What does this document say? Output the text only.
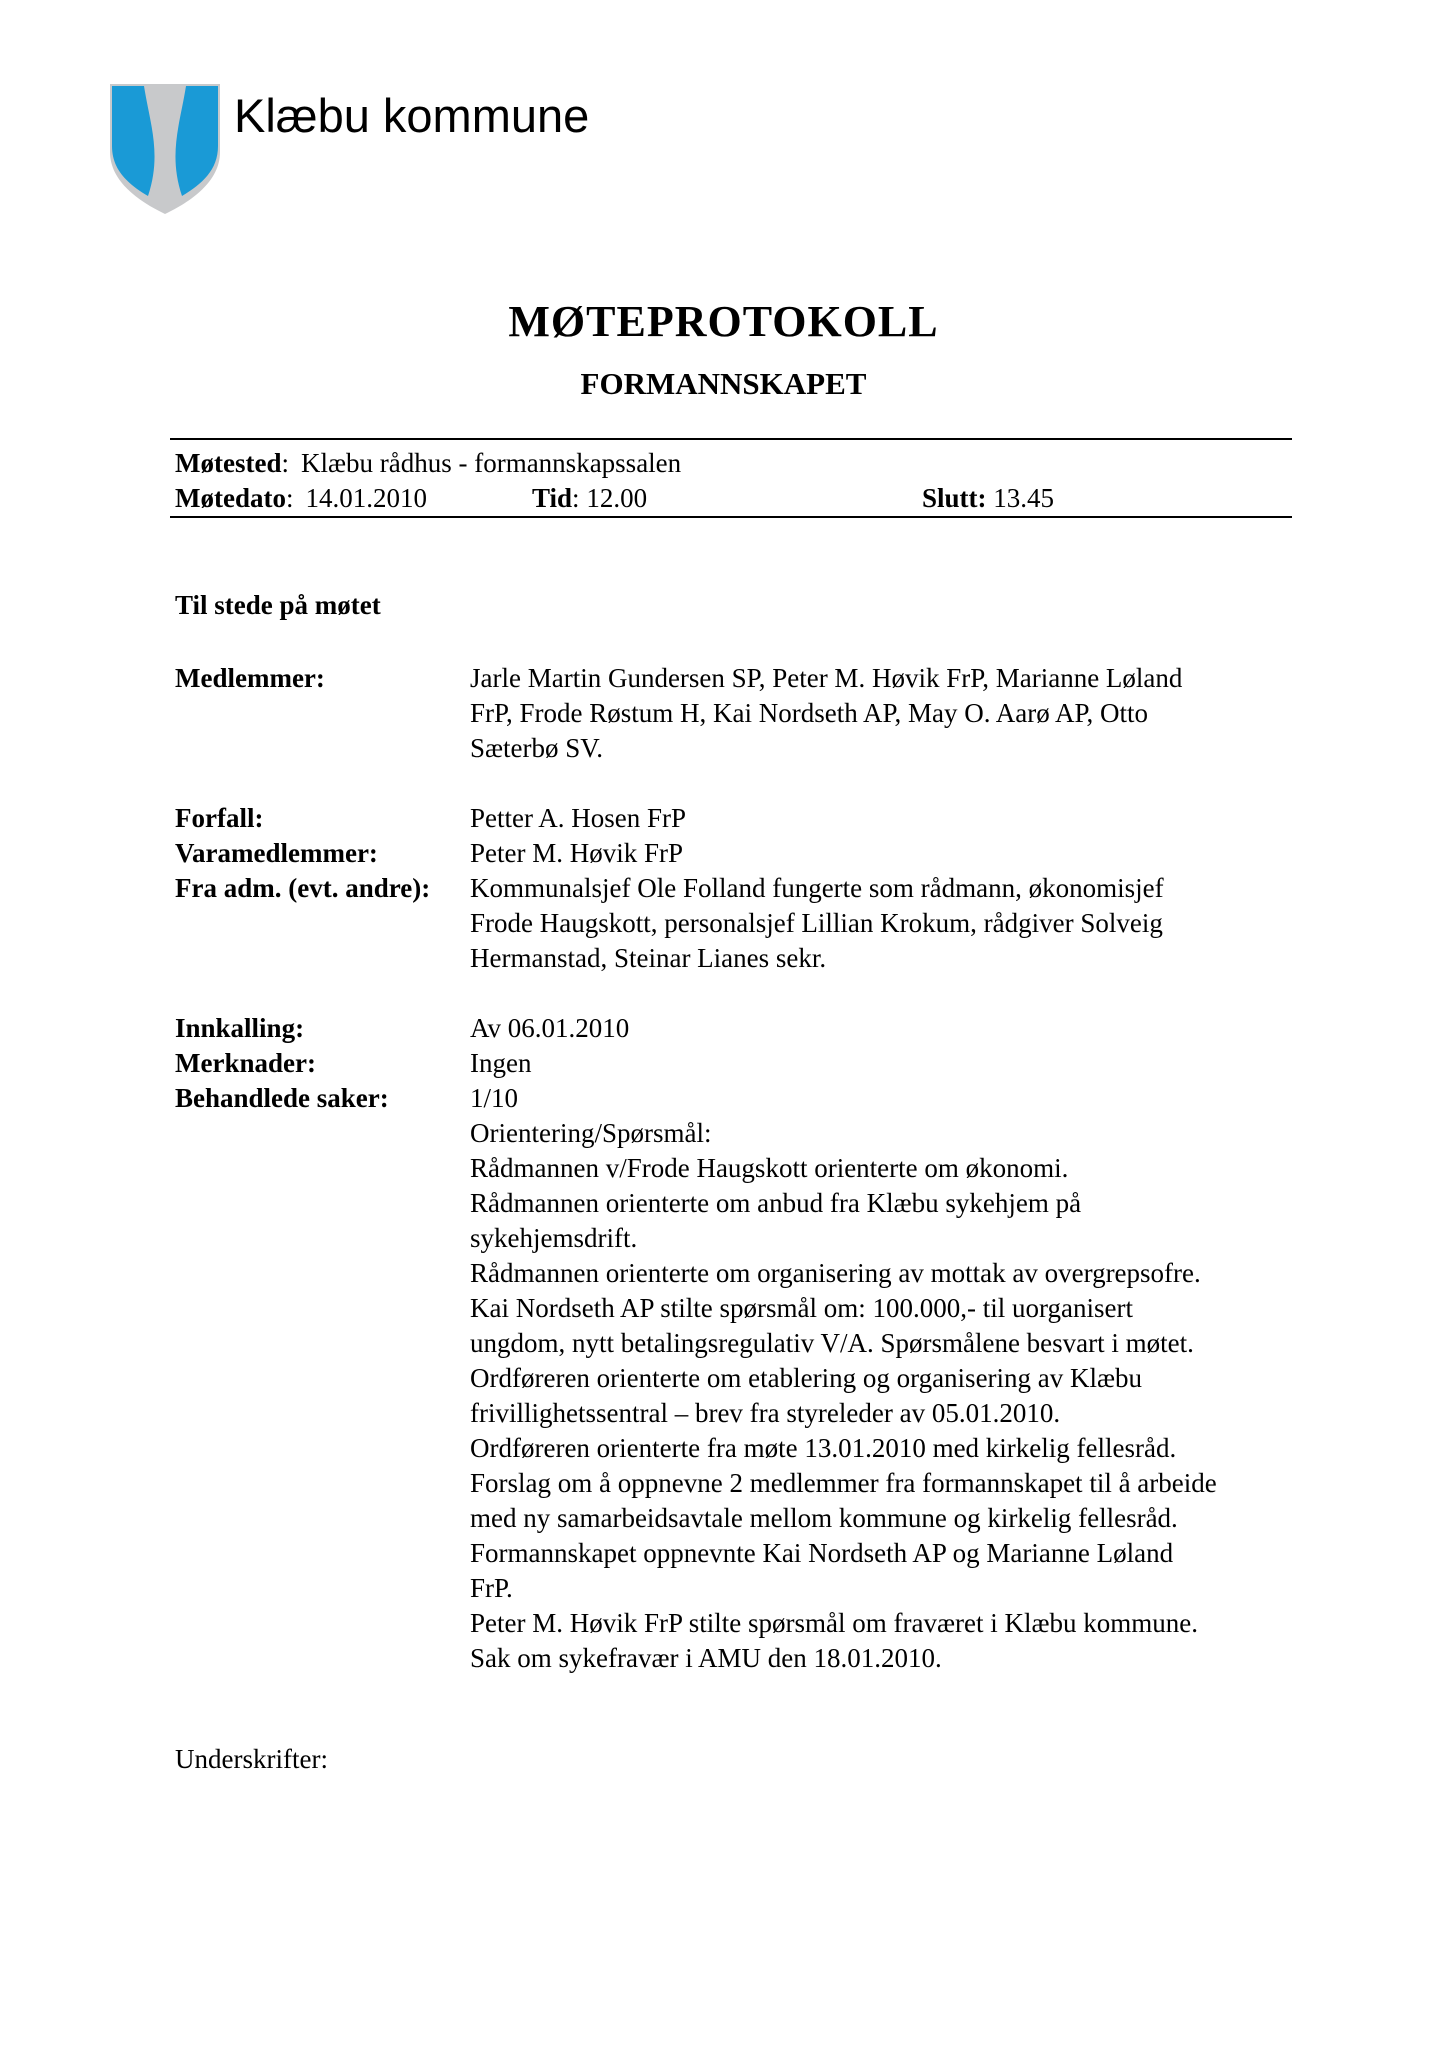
Klæbu kommune
MØTEPROTOKOLL
FORMANNSKAPET
Møtested: Klæbu rådhus - formannskapssalen
Møtedato: 14.01.2010	Tid: 12.00	Slutt: 13.45
Til stede på møtet
Medlemmer:	Jarle Martin Gundersen SP, Peter M. Høvik FrP, Marianne Løland
FrP, Frode Røstum H, Kai Nordseth AP, May O. Aarø AP, Otto
Sæterbø SV.
Forfall:	Petter A. Hosen FrP
Varamedlemmer:	Peter M. Høvik FrP
Fra adm. (evt. andre):	Kommunalsjef Ole Folland fungerte som rådmann, økonomisjef
Frode Haugskott, personalsjef Lillian Krokum, rådgiver Solveig
Hermanstad, Steinar Lianes sekr.
Innkalling:	Av 06.01.2010
Merknader:	Ingen
Behandlede saker:	1/10
Orientering/Spørsmål:
Rådmannen v/Frode Haugskott orienterte om økonomi.
Rådmannen orienterte om anbud fra Klæbu sykehjem på
sykehjemsdrift.
Rådmannen orienterte om organisering av mottak av overgrepsofre.
Kai Nordseth AP stilte spørsmål om: 100.000,- til uorganisert
ungdom, nytt betalingsregulativ V/A. Spørsmålene besvart i møtet.
Ordføreren orienterte om etablering og organisering av Klæbu
frivillighetssentral – brev fra styreleder av 05.01.2010.
Ordføreren orienterte fra møte 13.01.2010 med kirkelig fellesråd.
Forslag om å oppnevne 2 medlemmer fra formannskapet til å arbeide
med ny samarbeidsavtale mellom kommune og kirkelig fellesråd.
Formannskapet oppnevnte Kai Nordseth AP og Marianne Løland
FrP.
Peter M. Høvik FrP stilte spørsmål om fraværet i Klæbu kommune.
Sak om sykefravær i AMU den 18.01.2010.
Underskrifter:
